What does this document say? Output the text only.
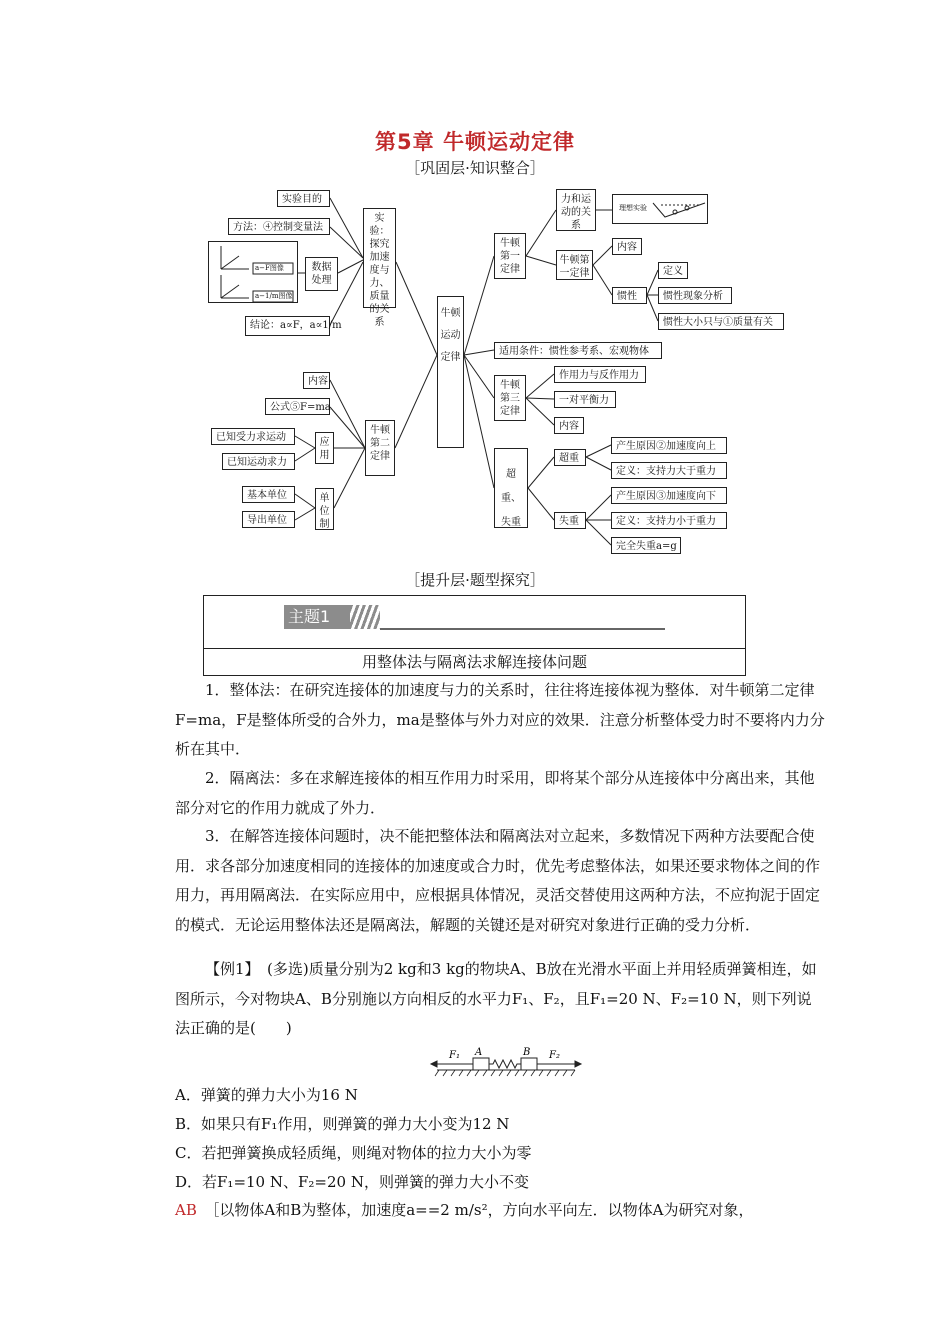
第5章 牛顿运动定律
［巩固层·知识整合］
实验目的
方法：④控制变量法
实验：探究加速度与力、质量的关系
数据处理
a−F图像
a−1/m图像
结论：a∝F，a∝1/m
牛顿运动定律
内容
公式⑤F=ma
牛顿第二定律
已知受力求运动
已知运动求力
应用
基本单位
导出单位
单位制
牛顿第一定律
力和运动的关系
理想实验
牛顿第一定律
内容
惯性
定义
惯性现象分析
惯性大小只与①质量有关
适用条件：惯性参考系、宏观物体
牛顿第三定律
作用力与反作用力
一对平衡力
内容
超重、失重
超重
产生原因②加速度向上
定义：支持力大于重力
失重
产生原因③加速度向下
定义：支持力小于重力
完全失重a=g
［提升层·题型探究］
主题1
用整体法与隔离法求解连接体问题

1．整体法：在研究连接体的加速度与力的关系时，往往将连接体视为整体．对牛顿第二定律F=ma，F是整体所受的合外力，ma是整体与外力对应的效果．注意分析整体受力时不要将内力分析在其中．

2．隔离法：多在求解连接体的相互作用力时采用，即将某个部分从连接体中分离出来，其他部分对它的作用力就成了外力．

3．在解答连接体问题时，决不能把整体法和隔离法对立起来，多数情况下两种方法要配合使用．求各部分加速度相同的连接体的加速度或合力时，优先考虑整体法，如果还要求物体之间的作用力，再用隔离法．在实际应用中，应根据具体情况，灵活交替使用这两种方法，不应拘泥于固定的模式．无论运用整体法还是隔离法，解题的关键还是对研究对象进行正确的受力分析．

【例1】　(多选)质量分别为2 kg和3 kg的物块A、B放在光滑水平面上并用轻质弹簧相连，如图所示，今对物块A、B分别施以方向相反的水平力F₁、F₂，且F₁=20 N、F₂=10 N，则下列说法正确的是(　　)

F₁ A	B F₂
A．弹簧的弹力大小为16 N
B．如果只有F₁作用，则弹簧的弹力大小变为12 N
C．若把弹簧换成轻质绳，则绳对物体的拉力大小为零
D．若F₁=10 N、F₂=20 N，则弹簧的弹力大小不变
AB　 ［以物体A和B为整体，加速度a==2 m/s²，方向水平向左．以物体A为研究对象，
